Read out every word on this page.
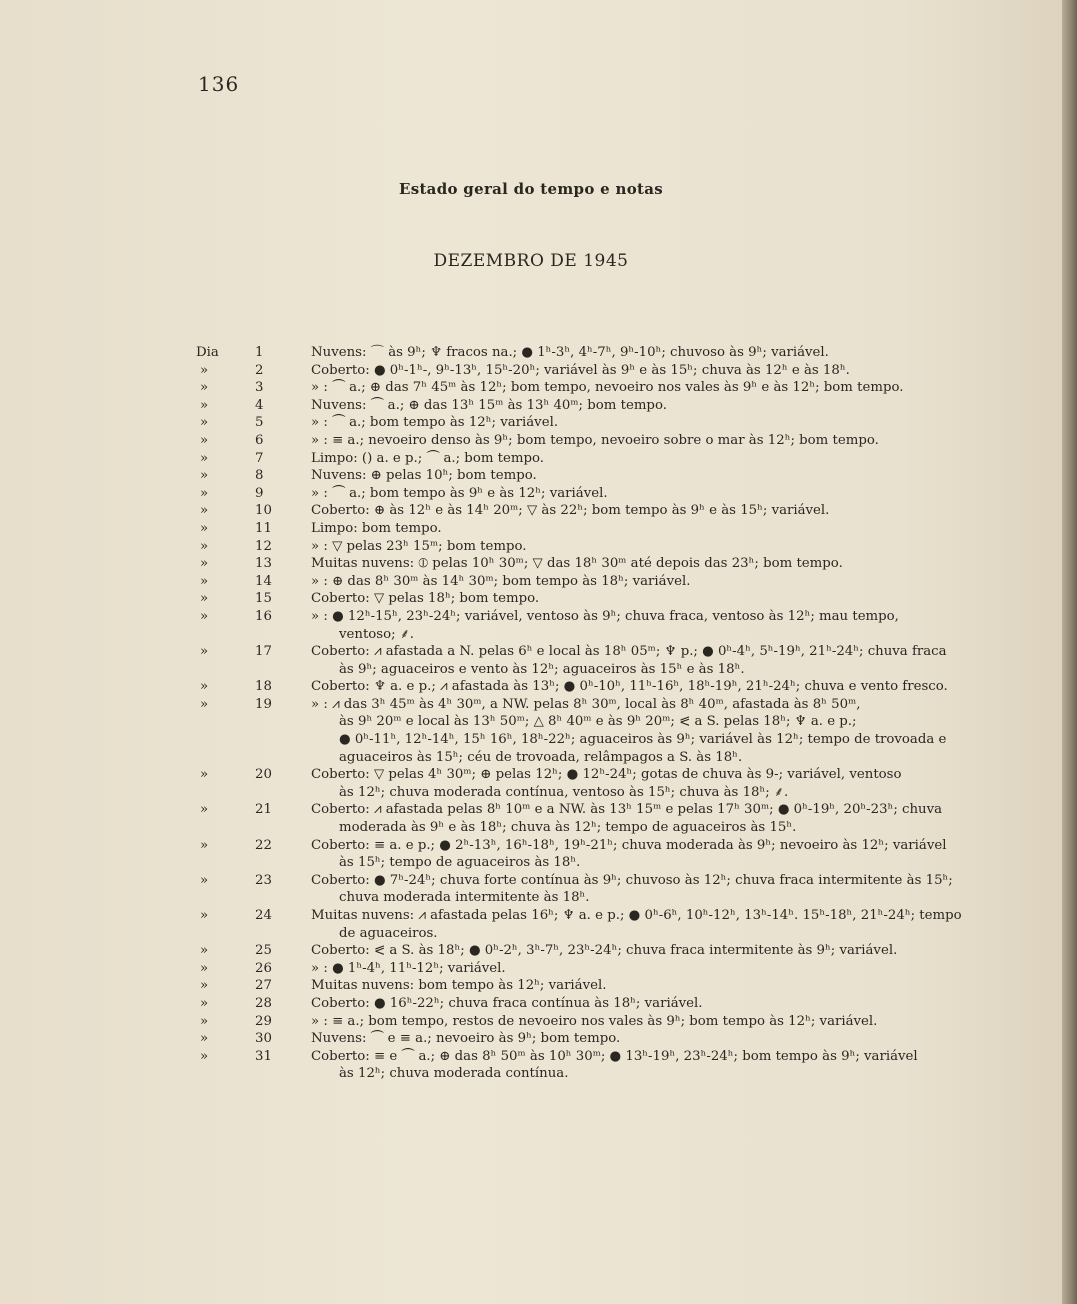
136
Estado geral do tempo e notas
DEZEMBRO DE 1945
Dia	1	Nuvens: ⌒ às 9ʰ; ♆ fracos na.; ● 1ʰ-3ʰ, 4ʰ-7ʰ, 9ʰ-10ʰ; chuvoso às 9ʰ; variável.
»	2	Coberto: ● 0ʰ-1ʰ-, 9ʰ-13ʰ, 15ʰ-20ʰ; variável às 9ʰ e às 15ʰ; chuva às 12ʰ e às 18ʰ.
»	3	» : ⏜ a.; ⊕ das 7ʰ 45ᵐ às 12ʰ; bom tempo, nevoeiro nos vales às 9ʰ e às 12ʰ; bom tempo.
»	4	Nuvens: ⏜ a.; ⊕ das 13ʰ 15ᵐ às 13ʰ 40ᵐ; bom tempo.
»	5	» : ⏜ a.; bom tempo às 12ʰ; variável.
»	6	» : ≡ a.; nevoeiro denso às 9ʰ; bom tempo, nevoeiro sobre o mar às 12ʰ; bom tempo.
»	7	Limpo: () a. e p.; ⏜ a.; bom tempo.
»	8	Nuvens: ⊕ pelas 10ʰ; bom tempo.
»	9	» : ⏜ a.; bom tempo às 9ʰ e às 12ʰ; variável.
»	10	Coberto: ⊕ às 12ʰ e às 14ʰ 20ᵐ; ▽ às 22ʰ; bom tempo às 9ʰ e às 15ʰ; variável.
»	11	Limpo: bom tempo.
»	12	» : ▽ pelas 23ʰ 15ᵐ; bom tempo.
»	13	Muitas nuvens: ⦶ pelas 10ʰ 30ᵐ; ▽ das 18ʰ 30ᵐ até depois das 23ʰ; bom tempo.
»	14	» : ⊕ das 8ʰ 30ᵐ às 14ʰ 30ᵐ; bom tempo às 18ʰ; variável.
»	15	Coberto: ▽ pelas 18ʰ; bom tempo.
»	16	» : ● 12ʰ-15ʰ, 23ʰ-24ʰ; variável, ventoso às 9ʰ; chuva fraca, ventoso às 12ʰ; mau tempo,
ventoso; ⸙.
»	17	Coberto: ⩘ afastada a N. pelas 6ʰ e local às 18ʰ 05ᵐ; ♆ p.; ● 0ʰ-4ʰ, 5ʰ-19ʰ, 21ʰ-24ʰ; chuva fraca
às 9ʰ; aguaceiros e vento às 12ʰ; aguaceiros às 15ʰ e às 18ʰ.
»	18	Coberto: ♆ a. e p.; ⩘ afastada às 13ʰ; ● 0ʰ-10ʰ, 11ʰ-16ʰ, 18ʰ-19ʰ, 21ʰ-24ʰ; chuva e vento fresco.
»	19	» : ⩘ das 3ʰ 45ᵐ às 4ʰ 30ᵐ, a NW. pelas 8ʰ 30ᵐ, local às 8ʰ 40ᵐ, afastada às 8ʰ 50ᵐ,
às 9ʰ 20ᵐ e local às 13ʰ 50ᵐ; △ 8ʰ 40ᵐ e às 9ʰ 20ᵐ; ⪕ a S. pelas 18ʰ; ♆ a. e p.;
● 0ʰ-11ʰ, 12ʰ-14ʰ, 15ʰ 16ʰ, 18ʰ-22ʰ; aguaceiros às 9ʰ; variável às 12ʰ; tempo de trovoada e
aguaceiros às 15ʰ; céu de trovoada, relâmpagos a S. às 18ʰ.
»	20	Coberto: ▽ pelas 4ʰ 30ᵐ; ⊕ pelas 12ʰ; ● 12ʰ-24ʰ; gotas de chuva às 9-; variável, ventoso
às 12ʰ; chuva moderada contínua, ventoso às 15ʰ; chuva às 18ʰ; ⸙.
»	21	Coberto: ⩘ afastada pelas 8ʰ 10ᵐ e a NW. às 13ʰ 15ᵐ e pelas 17ʰ 30ᵐ; ● 0ʰ-19ʰ, 20ʰ-23ʰ; chuva
moderada às 9ʰ e às 18ʰ; chuva às 12ʰ; tempo de aguaceiros às 15ʰ.
»	22	Coberto: ≡ a. e p.; ● 2ʰ-13ʰ, 16ʰ-18ʰ, 19ʰ-21ʰ; chuva moderada às 9ʰ; nevoeiro às 12ʰ; variável
às 15ʰ; tempo de aguaceiros às 18ʰ.
»	23	Coberto: ● 7ʰ-24ʰ; chuva forte contínua às 9ʰ; chuvoso às 12ʰ; chuva fraca intermitente às 15ʰ;
chuva moderada intermitente às 18ʰ.
»	24	Muitas nuvens: ⩘ afastada pelas 16ʰ; ♆ a. e p.; ● 0ʰ-6ʰ, 10ʰ-12ʰ, 13ʰ-14ʰ. 15ʰ-18ʰ, 21ʰ-24ʰ; tempo
de aguaceiros.
»	25	Coberto: ⪕ a S. às 18ʰ; ● 0ʰ-2ʰ, 3ʰ-7ʰ, 23ʰ-24ʰ; chuva fraca intermitente às 9ʰ; variável.
»	26	» : ● 1ʰ-4ʰ, 11ʰ-12ʰ; variável.
»	27	Muitas nuvens: bom tempo às 12ʰ; variável.
»	28	Coberto: ● 16ʰ-22ʰ; chuva fraca contínua às 18ʰ; variável.
»	29	» : ≡ a.; bom tempo, restos de nevoeiro nos vales às 9ʰ; bom tempo às 12ʰ; variável.
»	30	Nuvens: ⏜ e ≡ a.; nevoeiro às 9ʰ; bom tempo.
»	31	Coberto: ≡ e ⏜ a.; ⊕ das 8ʰ 50ᵐ às 10ʰ 30ᵐ; ● 13ʰ-19ʰ, 23ʰ-24ʰ; bom tempo às 9ʰ; variável
às 12ʰ; chuva moderada contínua.
